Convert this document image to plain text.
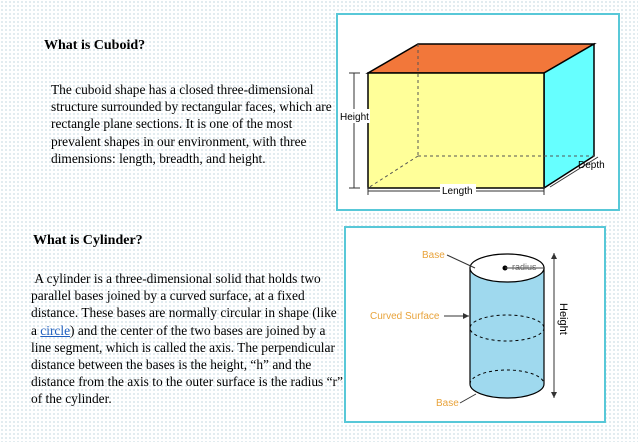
What is Cuboid?

The cuboid shape has a closed three-dimensional structure surrounded by rectangular faces, which are rectangle plane sections. It is one of the most prevalent shapes in our environment, with three dimensions: length, breadth, and height.

Height
Length
Depth

What is Cylinder?

A cylinder is a three-dimensional solid that holds two parallel bases joined by a curved surface, at a fixed distance. These bases are normally circular in shape (like a circle) and the center of the two bases are joined by a line segment, which is called the axis. The perpendicular distance between the bases is the height, “h” and the distance from the axis to the outer surface is the radius “r” of the cylinder.

radius
Base
Curved Surface
Base
Height
